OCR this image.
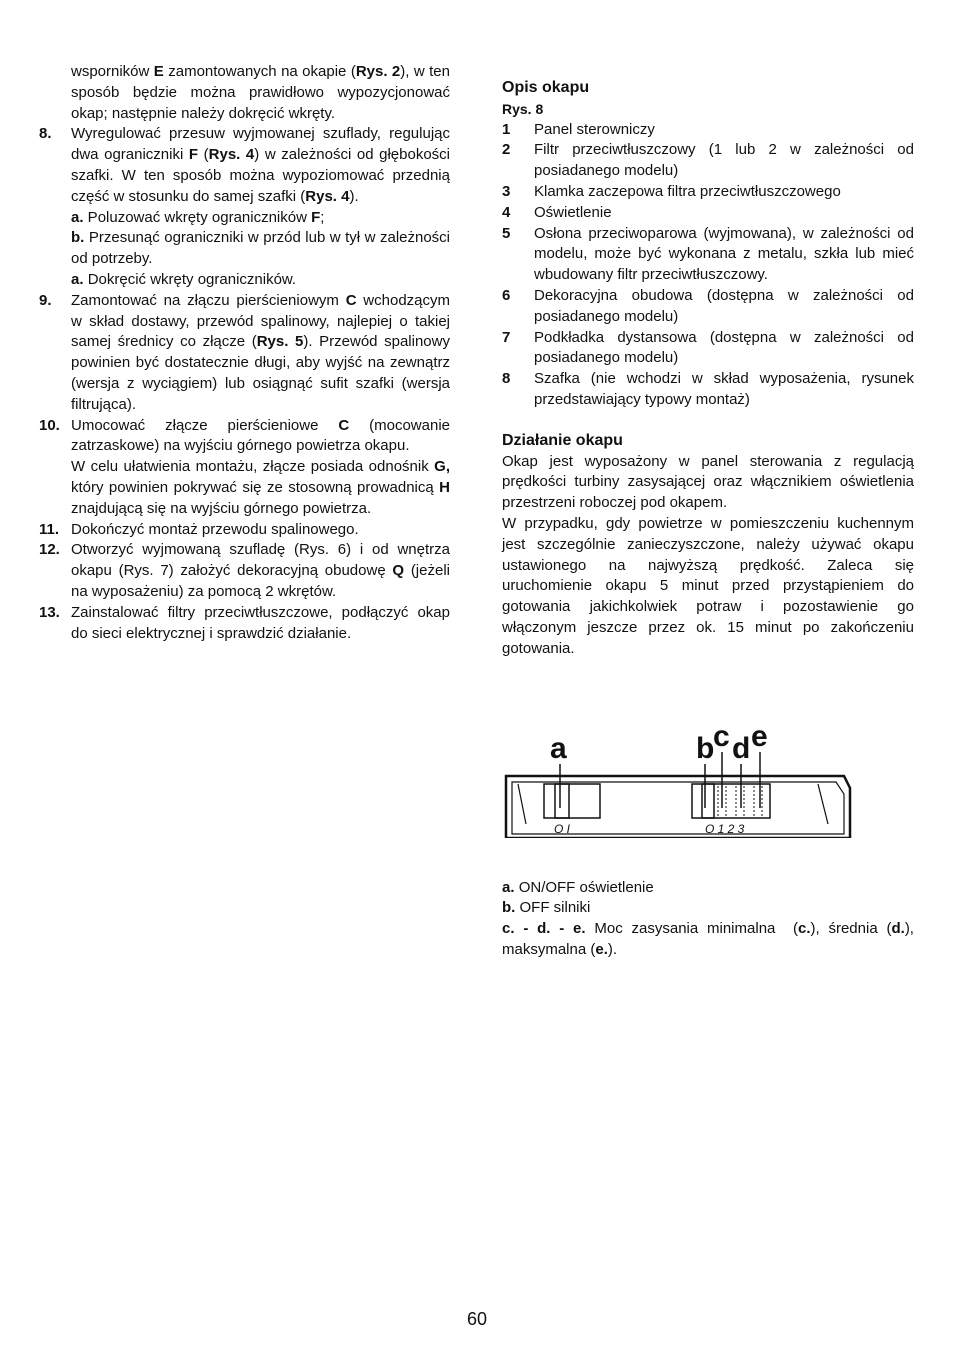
wsporników E zamontowanych na okapie (Rys. 2), w ten sposób będzie można prawidłowo wypozycjonować okap; następnie należy dokręcić wkręty.
8. Wyregulować przesuw wyjmowanej szuflady, regulując dwa ograniczniki F (Rys. 4) w zależności od głębokości szafki. W ten sposób można wypoziomować przednią część w stosunku do samej szafki (Rys. 4).
a. Poluzować wkręty ograniczników F;
b. Przesunąć ograniczniki w przód lub w tył w zależności od potrzeby.
a. Dokręcić wkręty ograniczników.
9. Zamontować na złączu pierścieniowym C wchodzącym w skład dostawy, przewód spalinowy, najlepiej o takiej samej średnicy co złącze (Rys. 5). Przewód spalinowy powinien być dostatecznie długi, aby wyjść na zewnątrz (wersja z wyciągiem) lub osiągnąć sufit szafki (wersja filtrująca).
10. Umocować złącze pierścieniowe C (mocowanie zatrzaskowe) na wyjściu górnego powietrza okapu.
W celu ułatwienia montażu, złącze posiada odnośnik G, który powinien pokrywać się ze stosowną prowadnicą H znajdującą się na wyjściu górnego powietrza.
11. Dokończyć montaż przewodu spalinowego.
12. Otworzyć wyjmowaną szufladę (Rys. 6) i od wnętrza okapu (Rys. 7) założyć dekoracyjną obudowę Q (jeżeli na wyposażeniu) za pomocą 2 wkrętów.
13. Zainstalować filtry przeciwtłuszczowe, podłączyć okap do sieci elektrycznej i sprawdzić działanie.
Opis okapu
Rys. 8
1 Panel sterowniczy
2 Filtr przeciwtłuszczowy (1 lub 2 w zależności od posiadanego modelu)
3 Klamka zaczepowa filtra przeciwtłuszczowego
4 Oświetlenie
5 Osłona przeciwoparowa (wyjmowana), w zależności od modelu, może być wykonana z metalu, szkła lub mieć wbudowany filtr przeciwtłuszczowy.
6 Dekoracyjna obudowa (dostępna w zależności od posiadanego modelu)
7 Podkładka dystansowa (dostępna w zależności od posiadanego modelu)
8 Szafka (nie wchodzi w skład wyposażenia, rysunek przedstawiający typowy montaż)
Działanie okapu
Okap jest wyposażony w panel sterowania z regulacją prędkości turbiny zasysającej oraz włącznikiem oświetlenia przestrzeni roboczej pod okapem.
W przypadku, gdy powietrze w pomieszczeniu kuchennym jest szczególnie zanieczyszczone, należy używać okapu ustawionego na najwyższą prędkość. Zaleca się uruchomienie okapu 5 minut przed przystąpieniem do gotowania jakichkolwiek potraw i pozostawienie go włączonym jeszcze przez ok. 15 minut po zakończeniu gotowania.
a	b
c d e
O I	O 1 2 3
a. ON/OFF oświetlenie
b. OFF silniki
c. - d. - e. Moc zasysania minimalna  (c.), średnia (d.), maksymalna (e.).
60
